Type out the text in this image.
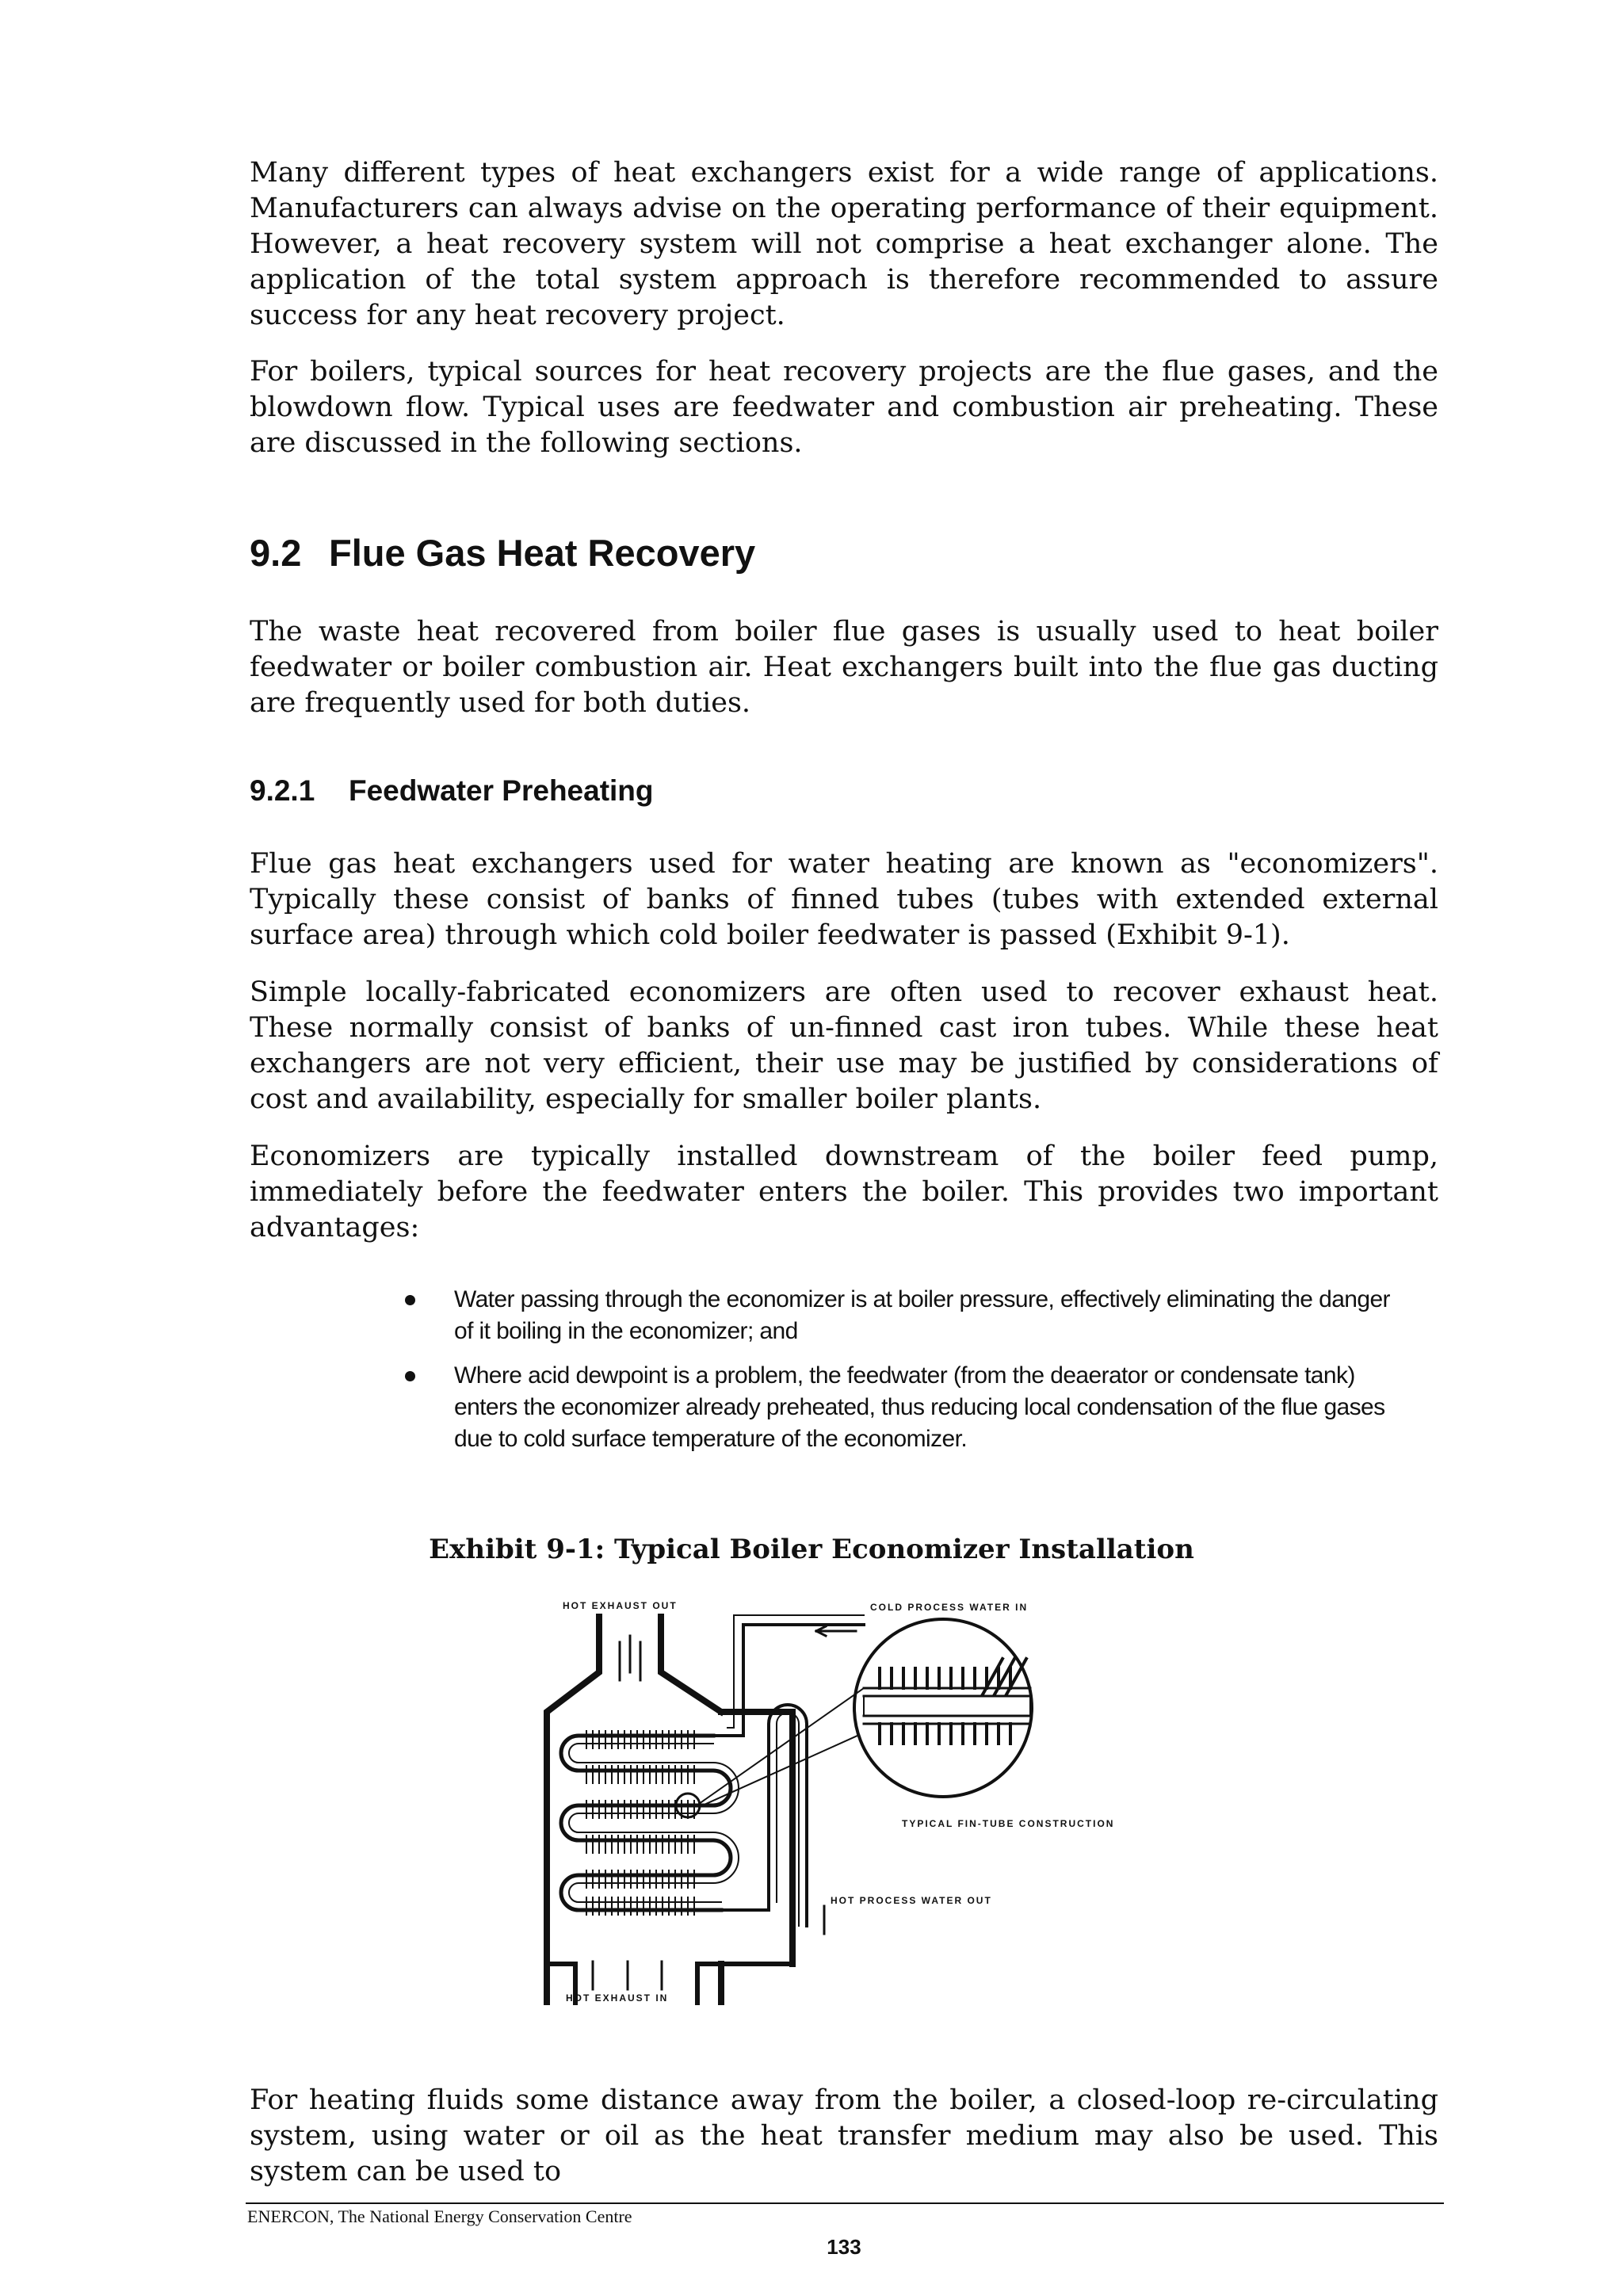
Many different types of heat exchangers exist for a wide range of applications. Manufacturers can always advise on the operating performance of their equipment. However, a heat recovery system will not comprise a heat exchanger alone. The application of the total system approach is therefore recommended to assure success for any heat recovery project.

For boilers, typical sources for heat recovery projects are the flue gases, and the blowdown flow. Typical uses are feedwater and combustion air preheating. These are discussed in the following sections.

9.2 Flue Gas Heat Recovery

The waste heat recovered from boiler flue gases is usually used to heat boiler feedwater or boiler combustion air. Heat exchangers built into the flue gas ducting are frequently used for both duties.

9.2.1 Feedwater Preheating

Flue gas heat exchangers used for water heating are known as "economizers". Typically these consist of banks of finned tubes (tubes with extended external surface area) through which cold boiler feedwater is passed (Exhibit 9-1).

Simple locally-fabricated economizers are often used to recover exhaust heat. These normally consist of banks of un-finned cast iron tubes. While these heat exchangers are not very efficient, their use may be justified by considerations of cost and availability, especially for smaller boiler plants.

Economizers are typically installed downstream of the boiler feed pump, immediately before the feedwater enters the boiler. This provides two important advantages:

Water passing through the economizer is at boiler pressure, effectively eliminating the danger of it boiling in the economizer; and
Where acid dewpoint is a problem, the feedwater (from the deaerator or condensate tank) enters the economizer already preheated, thus reducing local condensation of the flue gases due to cold surface temperature of the economizer.

Exhibit 9-1: Typical Boiler Economizer Installation

HOT EXHAUST OUT	COLD PROCESS WATER IN
TYPICAL FIN-TUBE CONSTRUCTION
HOT PROCESS WATER OUT
HOT EXHAUST IN

For heating fluids some distance away from the boiler, a closed-loop re-circulating system, using water or oil as the heat transfer medium may also be used. This system can be used to

ENERCON, The National Energy Conservation Centre

133
